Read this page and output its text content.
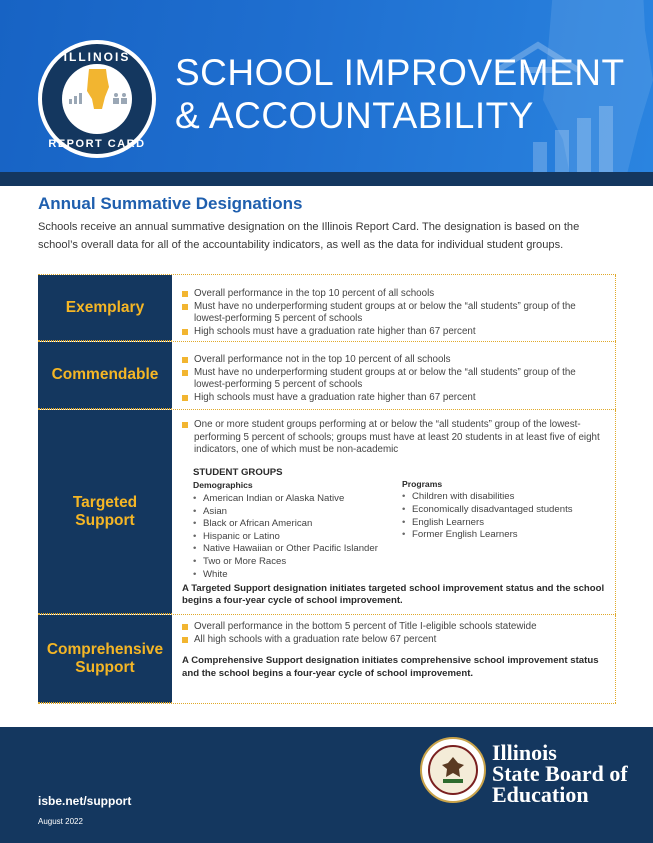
ILLINOIS
REPORT CARD
SCHOOL IMPROVEMENT
& ACCOUNTABILITY
Annual Summative Designations
Schools receive an annual summative designation on the Illinois Report Card. The designation is based on the school’s overall data for all of the accountability indicators, as well as the data for individual student groups.
Exemplary
Overall performance in the top 10 percent of all schools
Must have no underperforming student groups at or below the “all students” group of the lowest-performing 5 percent of schools
High schools must have a graduation rate higher than 67 percent
Commendable
Overall performance not in the top 10 percent of all schools
Must have no underperforming student groups at or below the “all students” group of the lowest-performing 5 percent of schools
High schools must have a graduation rate higher than 67 percent
Targeted
Support
One or more student groups performing at or below the “all students” group of the lowest-performing 5 percent of schools; groups must have at least 20 students in at least five of eight indicators, one of which must be non-academic
STUDENT GROUPS
Demographics
• American Indian or Alaska Native
• Asian
• Black or African American
• Hispanic or Latino
• Native Hawaiian or Other Pacific Islander
• Two or More Races
• White
Programs
• Children with disabilities
• Economically disadvantaged students
• English Learners
• Former English Learners
A Targeted Support designation initiates targeted school improvement status and the school begins a four-year cycle of school improvement.
Comprehensive
Support
Overall performance in the bottom 5 percent of Title I-eligible schools statewide
All high schools with a graduation rate below 67 percent
A Comprehensive Support designation initiates comprehensive school improvement status and the school begins a four-year cycle of school improvement.
isbe.net/support
August 2022
Illinois
State Board of
Education
